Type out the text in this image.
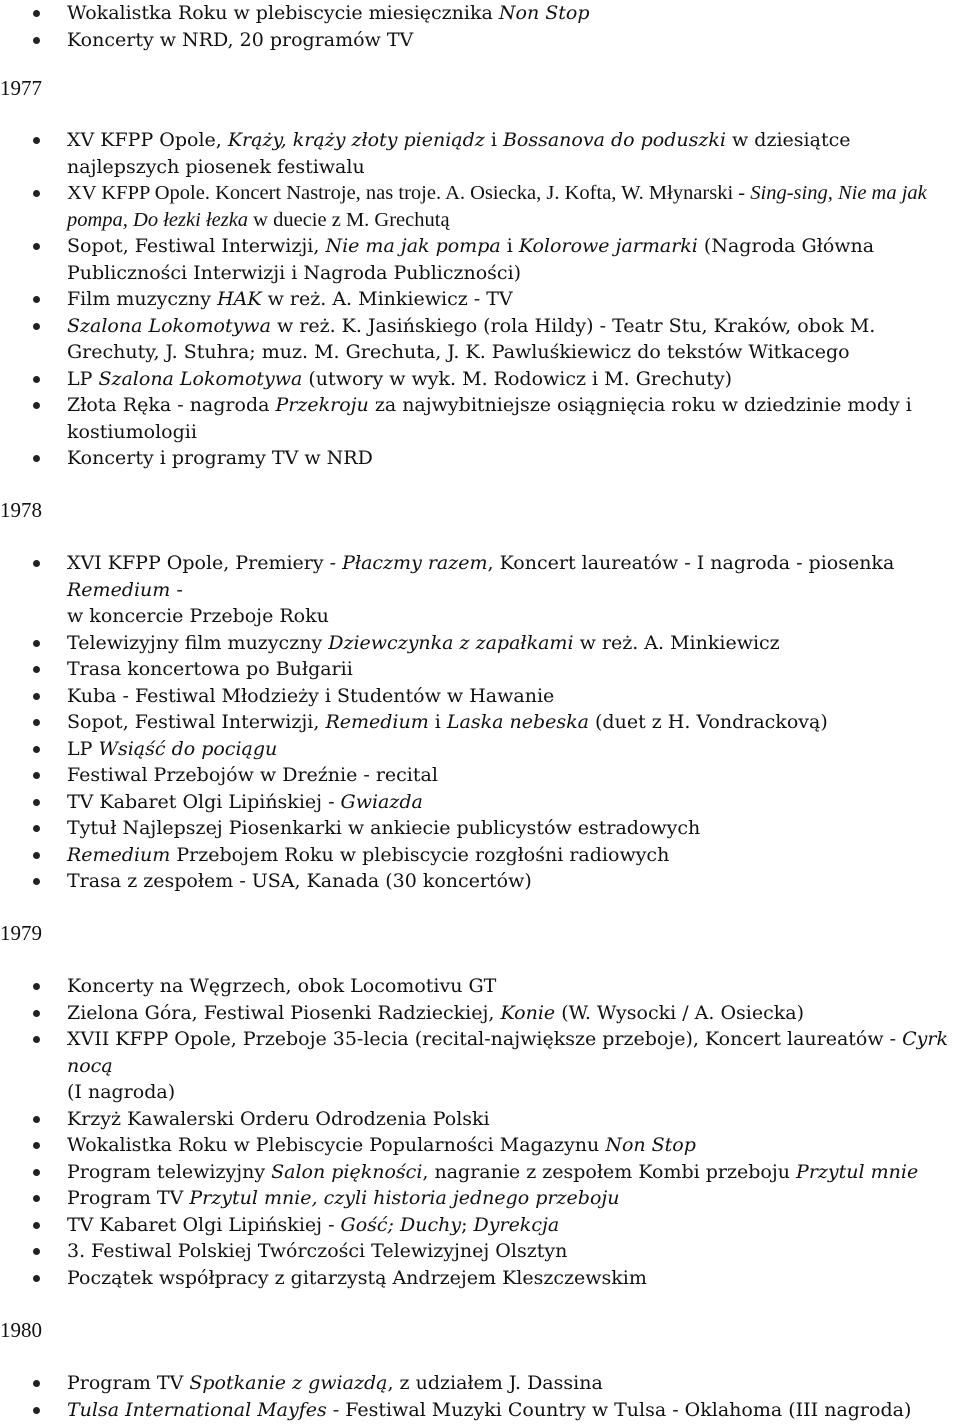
Wokalistka Roku w plebiscycie miesięcznika Non Stop
Koncerty w NRD, 20 programów TV
1977
XV KFPP Opole, Krąży, krąży złoty pieniądz i Bossanova do poduszki w dziesiątce najlepszych piosenek festiwalu
XV KFPP Opole. Koncert Nastroje, nas troje. A. Osiecka, J. Kofta, W. Młynarski - Sing-sing, Nie ma jak pompa, Do łezki łezka w duecie z M. Grechutą
Sopot, Festiwal Interwizji, Nie ma jak pompa i Kolorowe jarmarki (Nagroda Główna Publiczności Interwizji i Nagroda Publiczności)
Film muzyczny HAK w reż. A. Minkiewicz - TV
Szalona Lokomotywa w reż. K. Jasińskiego (rola Hildy) - Teatr Stu, Kraków, obok M. Grechuty, J. Stuhra; muz. M. Grechuta, J. K. Pawluśkiewicz do tekstów Witkacego
LP Szalona Lokomotywa (utwory w wyk. M. Rodowicz i M. Grechuty)
Złota Ręka - nagroda Przekroju za najwybitniejsze osiągnięcia roku w dziedzinie mody i kostiumologii
Koncerty i programy TV w NRD
1978
XVI KFPP Opole, Premiery - Płaczmy razem, Koncert laureatów - I nagroda - piosenka Remedium -
w koncercie Przeboje Roku
Telewizyjny film muzyczny Dziewczynka z zapałkami w reż. A. Minkiewicz
Trasa koncertowa po Bułgarii
Kuba - Festiwal Młodzieży i Studentów w Hawanie
Sopot, Festiwal Interwizji, Remedium i Laska nebeska (duet z H. Vondrackovą)
LP Wsiąść do pociągu
Festiwal Przebojów w Dreźnie - recital
TV Kabaret Olgi Lipińskiej - Gwiazda
Tytuł Najlepszej Piosenkarki w ankiecie publicystów estradowych
Remedium Przebojem Roku w plebiscycie rozgłośni radiowych
Trasa z zespołem - USA, Kanada (30 koncertów)
1979
Koncerty na Węgrzech, obok Locomotivu GT
Zielona Góra, Festiwal Piosenki Radzieckiej, Konie (W. Wysocki / A. Osiecka)
XVII KFPP Opole, Przeboje 35-lecia (recital-największe przeboje), Koncert laureatów - Cyrk nocą
(I nagroda)
Krzyż Kawalerski Orderu Odrodzenia Polski
Wokalistka Roku w Plebiscycie Popularności Magazynu Non Stop
Program telewizyjny Salon piękności, nagranie z zespołem Kombi przeboju Przytul mnie
Program TV Przytul mnie, czyli historia jednego przeboju
TV Kabaret Olgi Lipińskiej - Gość; Duchy; Dyrekcja
3. Festiwal Polskiej Twórczości Telewizyjnej Olsztyn
Początek współpracy z gitarzystą Andrzejem Kleszczewskim
1980
Program TV Spotkanie z gwiazdą, z udziałem J. Dassina
Tulsa International Mayfes - Festiwal Muzyki Country w Tulsa - Oklahoma (III nagroda)
